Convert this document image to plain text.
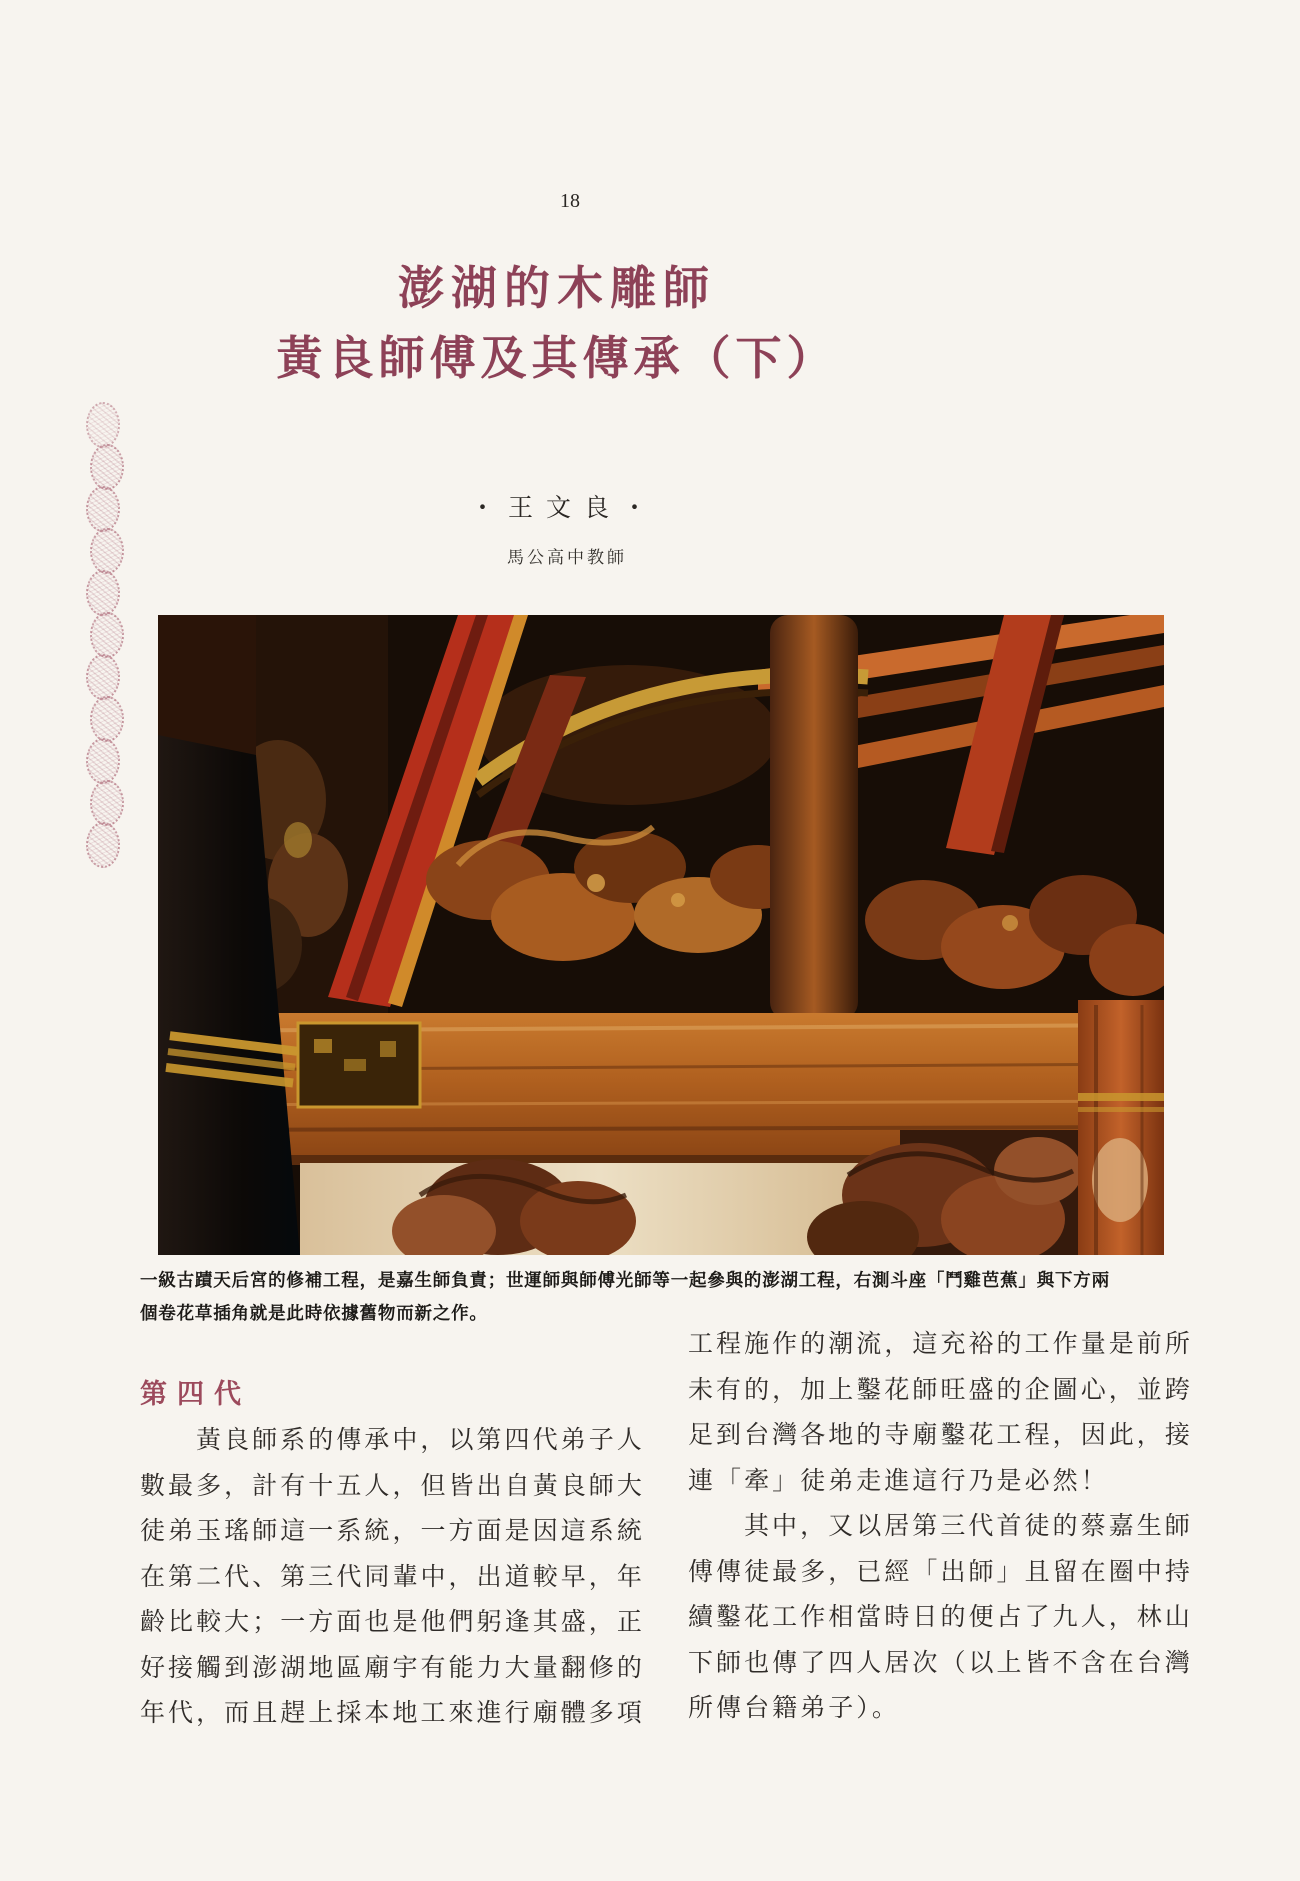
18
澎湖的木雕師
黃良師傅及其傳承（下）
・王文良・
馬公高中教師
一級古蹟天后宮的修補工程，是嘉生師負責；世運師與師傅光師等一起參與的澎湖工程，右測斗座「鬥雞芭蕉」與下方兩
個卷花草插角就是此時依據舊物而新之作。
第四代
黃良師系的傳承中，以第四代弟子人
數最多，計有十五人，但皆出自黃良師大
徒弟玉瑤師這一系統，一方面是因這系統
在第二代、第三代同輩中，出道較早，年
齡比較大；一方面也是他們躬逢其盛，正
好接觸到澎湖地區廟宇有能力大量翻修的
年代，而且趕上採本地工來進行廟體多項
工程施作的潮流，這充裕的工作量是前所
未有的，加上鑿花師旺盛的企圖心，並跨
足到台灣各地的寺廟鑿花工程，因此，接
連「牽」徒弟走進這行乃是必然！
其中，又以居第三代首徒的蔡嘉生師
傅傳徒最多，已經「出師」且留在圈中持
續鑿花工作相當時日的便占了九人，林山
下師也傳了四人居次（以上皆不含在台灣
所傳台籍弟子）。
